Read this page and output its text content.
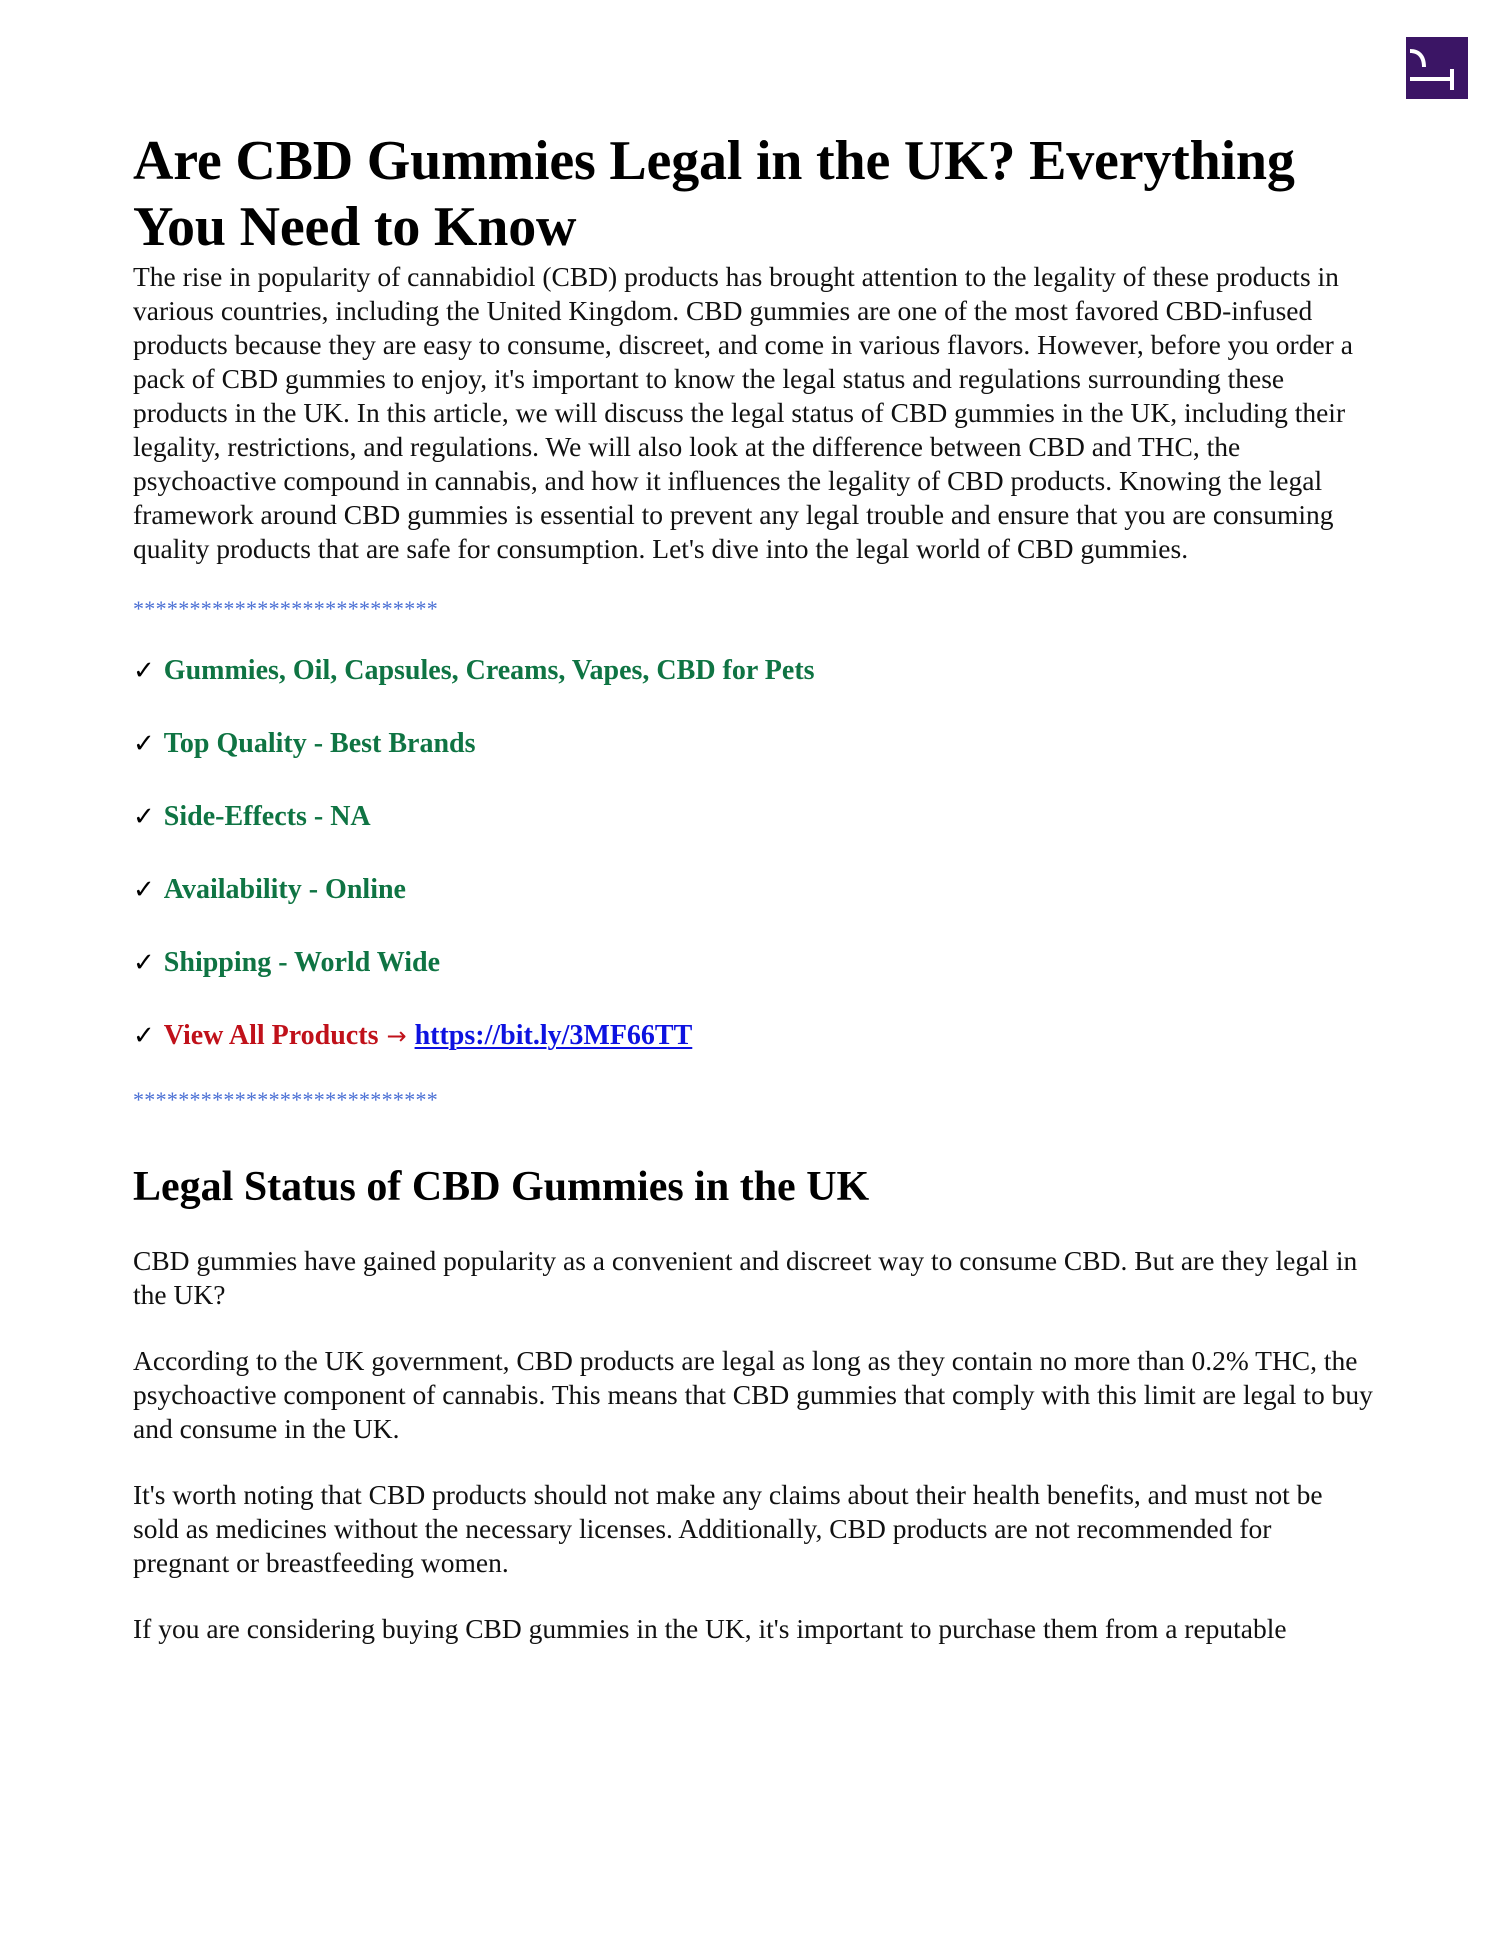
Are CBD Gummies Legal in the UK? Everything You Need to Know

The rise in popularity of cannabidiol (CBD) products has brought attention to the legality of these products in various countries, including the United Kingdom. CBD gummies are one of the most favored CBD-infused products because they are easy to consume, discreet, and come in various flavors. However, before you order a pack of CBD gummies to enjoy, it's important to know the legal status and regulations surrounding these products in the UK. In this article, we will discuss the legal status of CBD gummies in the UK, including their legality, restrictions, and regulations. We will also look at the difference between CBD and THC, the psychoactive compound in cannabis, and how it influences the legality of CBD products. Knowing the legal framework around CBD gummies is essential to prevent any legal trouble and ensure that you are consuming quality products that are safe for consumption. Let's dive into the legal world of CBD gummies.

***************************
✓ Gummies, Oil, Capsules, Creams, Vapes, CBD for Pets
✓ Top Quality - Best Brands
✓ Side-Effects - NA
✓ Availability - Online
✓ Shipping - World Wide
✓ View All Products → https://bit.ly/3MF66TT
***************************
Legal Status of CBD Gummies in the UK

CBD gummies have gained popularity as a convenient and discreet way to consume CBD. But are they legal in the UK?

According to the UK government, CBD products are legal as long as they contain no more than 0.2% THC, the psychoactive component of cannabis. This means that CBD gummies that comply with this limit are legal to buy and consume in the UK.

It's worth noting that CBD products should not make any claims about their health benefits, and must not be sold as medicines without the necessary licenses. Additionally, CBD products are not recommended for pregnant or breastfeeding women.

If you are considering buying CBD gummies in the UK, it's important to purchase them from a reputable
